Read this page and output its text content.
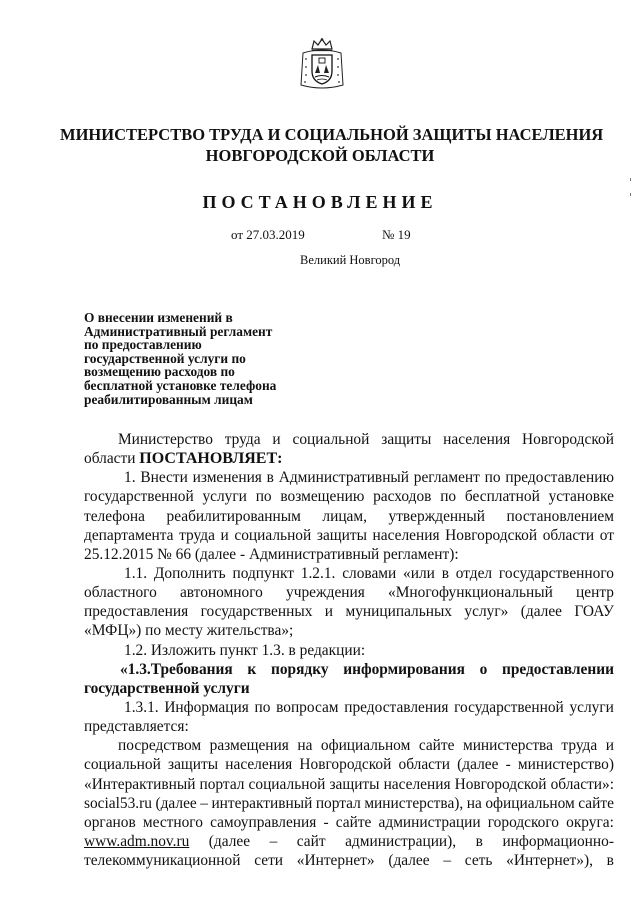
МИНИСТЕРСТВО ТРУДА И СОЦИАЛЬНОЙ ЗАЩИТЫ НАСЕЛЕНИЯ
НОВГОРОДСКОЙ ОБЛАСТИ
ПОСТАНОВЛЕНИЕ
от 27.03.2019	№ 19
Великий Новгород
О внесении изменений в
Административный регламент
по предоставлению
государственной услуги по
возмещению расходов по
бесплатной установке телефона
реабилитированным лицам
Министерство труда и социальной защиты населения Новгородской
области ПОСТАНОВЛЯЕТ:
1. Внести изменения в Административный регламент по предоставлению
государственной услуги по возмещению расходов по бесплатной установке
телефона реабилитированным лицам, утвержденный постановлением
департамента труда и социальной защиты населения Новгородской области от
25.12.2015 № 66 (далее - Административный регламент):
1.1. Дополнить подпункт 1.2.1. словами «или в отдел государственного
областного автономного учреждения «Многофункциональный центр
предоставления государственных и муниципальных услуг» (далее ГОАУ
«МФЦ») по месту жительства»;
1.2. Изложить пункт 1.3. в редакции:
«1.3.Требования к порядку информирования о предоставлении
государственной услуги
1.3.1. Информация по вопросам предоставления государственной услуги
представляется:
посредством размещения на официальном сайте министерства труда и
социальной защиты населения Новгородской области (далее - министерство)
«Интерактивный портал социальной защиты населения Новгородской области»:
social53.ru (далее – интерактивный портал министерства), на официальном сайте
органов местного самоуправления - сайте администрации городского округа:
www.adm.nov.ru (далее – сайт администрации), в информационно-
телекоммуникационной сети «Интернет» (далее – сеть «Интернет»), в
